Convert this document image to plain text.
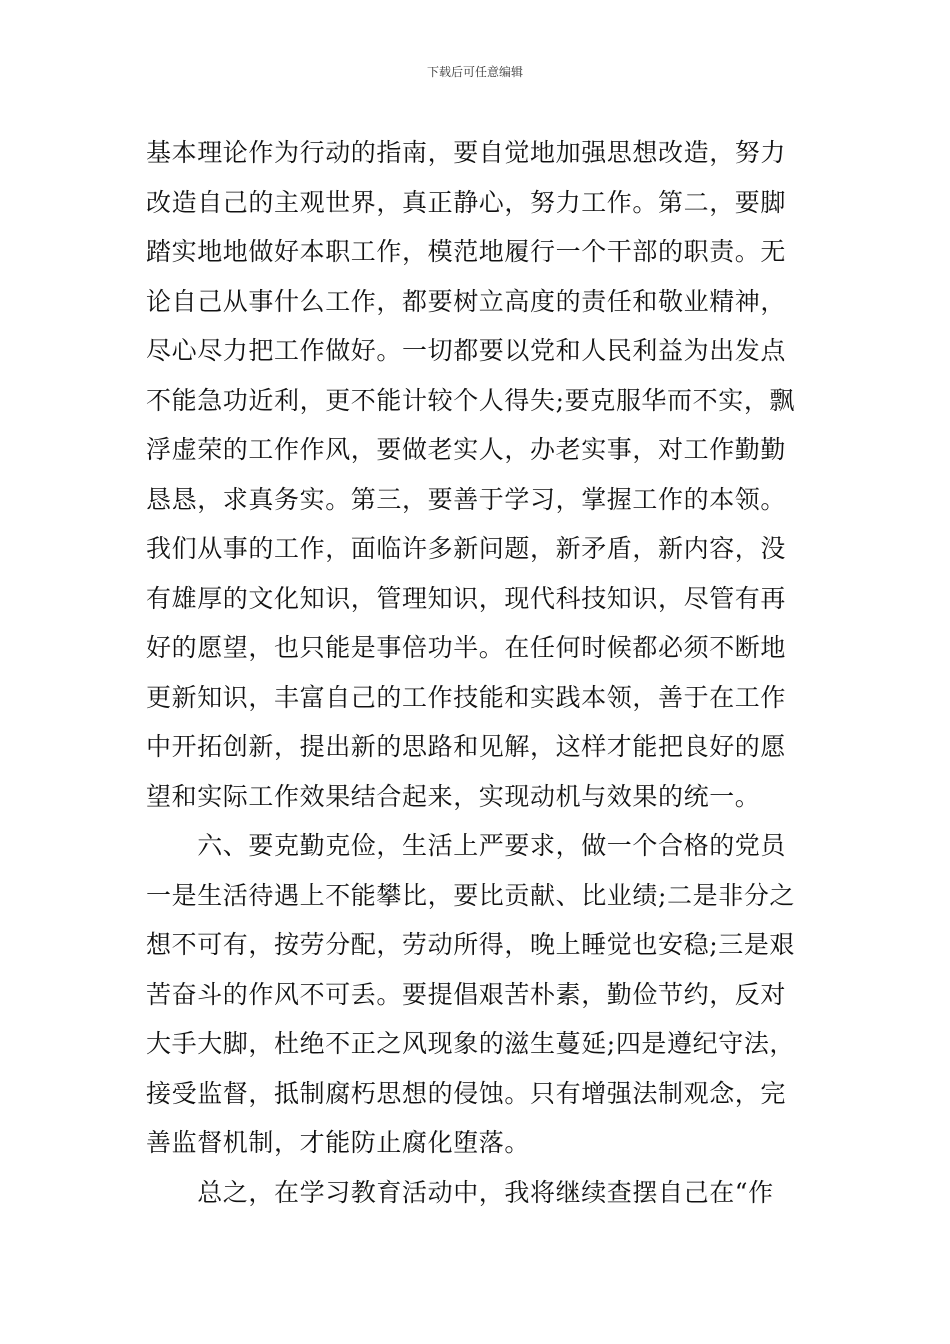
下载后可任意编辑
基本理论作为行动的指南，要自觉地加强思想改造，努力
改造自己的主观世界，真正静心，努力工作。第二，要脚
踏实地地做好本职工作，模范地履行一个干部的职责。无
论自己从事什么工作，都要树立高度的责任和敬业精神，
尽心尽力把工作做好。一切都要以党和人民利益为出发点
不能急功近利，更不能计较个人得失;要克服华而不实，飘
浮虚荣的工作作风，要做老实人，办老实事，对工作勤勤
恳恳，求真务实。第三，要善于学习，掌握工作的本领。
我们从事的工作，面临许多新问题，新矛盾，新内容，没
有雄厚的文化知识，管理知识，现代科技知识，尽管有再
好的愿望，也只能是事倍功半。在任何时候都必须不断地
更新知识，丰富自己的工作技能和实践本领，善于在工作
中开拓创新，提出新的思路和见解，这样才能把良好的愿
望和实际工作效果结合起来，实现动机与效果的统一。
　　六、要克勤克俭，生活上严要求，做一个合格的党员
一是生活待遇上不能攀比，要比贡献、比业绩;二是非分之
想不可有，按劳分配，劳动所得，晚上睡觉也安稳;三是艰
苦奋斗的作风不可丢。要提倡艰苦朴素，勤俭节约，反对
大手大脚，杜绝不正之风现象的滋生蔓延;四是遵纪守法，
接受监督，抵制腐朽思想的侵蚀。只有增强法制观念，完
善监督机制，才能防止腐化堕落。
　　总之，在学习教育活动中，我将继续查摆自己在“作
